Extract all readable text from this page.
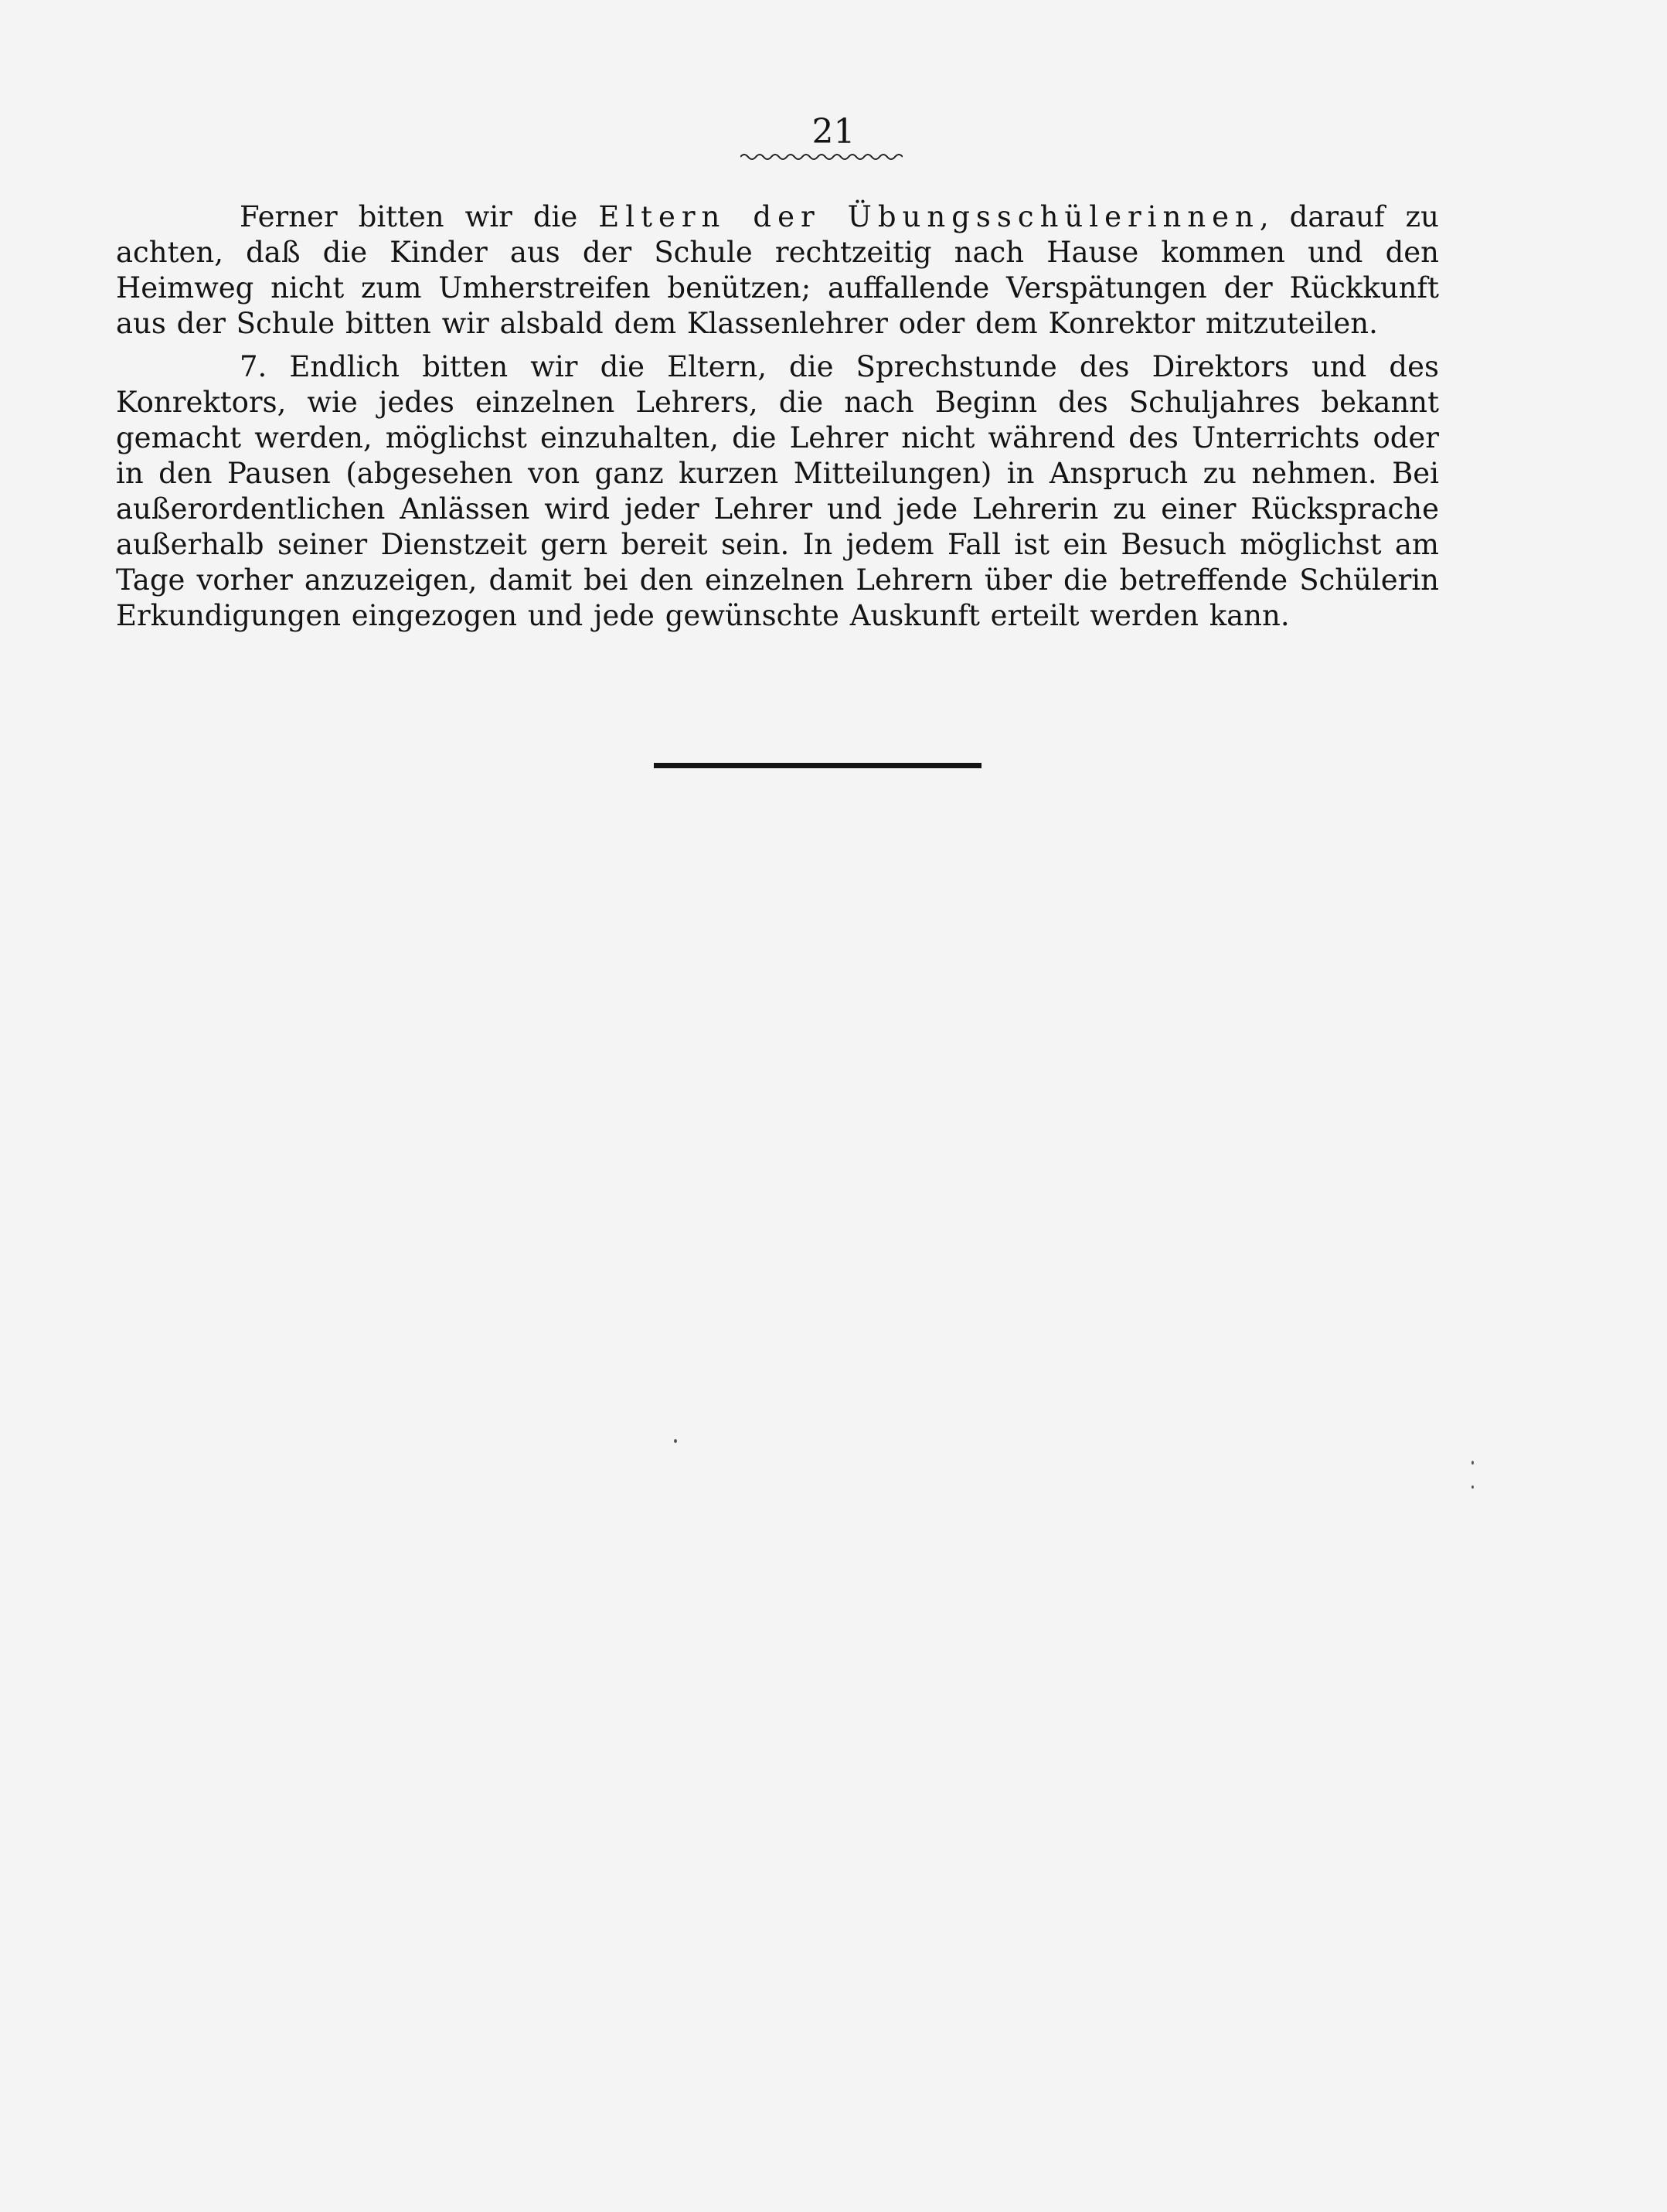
21

Ferner bitten wir die Eltern der Übungsschülerinnen, darauf zu achten, daß die Kinder aus der Schule rechtzeitig nach Hause kommen und den Heimweg nicht zum Umherstreifen benützen; auffallende Verspätungen der Rückkunft aus der Schule bitten wir alsbald dem Klassenlehrer oder dem Konrektor mitzuteilen.

7. Endlich bitten wir die Eltern, die Sprechstunde des Direktors und des Konrektors, wie jedes einzelnen Lehrers, die nach Beginn des Schuljahres bekannt gemacht werden, möglichst einzuhalten, die Lehrer nicht während des Unterrichts oder in den Pausen (abgesehen von ganz kurzen Mitteilungen) in Anspruch zu nehmen. Bei außerordentlichen Anlässen wird jeder Lehrer und jede Lehrerin zu einer Rücksprache außerhalb seiner Dienstzeit gern bereit sein. In jedem Fall ist ein Besuch möglichst am Tage vorher anzuzeigen, damit bei den einzelnen Lehrern über die betreffende Schülerin Erkundigungen eingezogen und jede gewünschte Auskunft erteilt werden kann.
